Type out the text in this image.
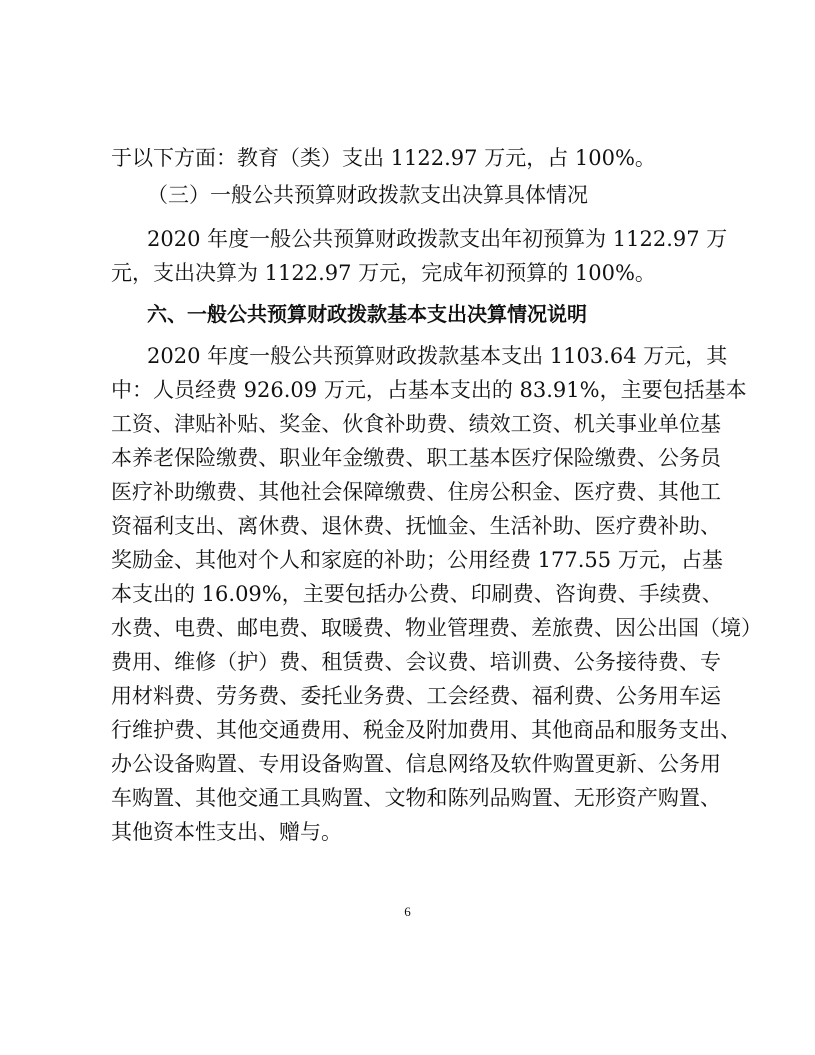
于以下方面：教育（类）支出 1122.97 万元，占 100%。
（三）一般公共预算财政拨款支出决算具体情况
2020 年度一般公共预算财政拨款支出年初预算为 1122.97 万
元，支出决算为 1122.97 万元，完成年初预算的 100%。
六、一般公共预算财政拨款基本支出决算情况说明
2020 年度一般公共预算财政拨款基本支出 1103.64 万元，其
中：人员经费 926.09 万元，占基本支出的 83.91%，主要包括基本
工资、津贴补贴、奖金、伙食补助费、绩效工资、机关事业单位基
本养老保险缴费、职业年金缴费、职工基本医疗保险缴费、公务员
医疗补助缴费、其他社会保障缴费、住房公积金、医疗费、其他工
资福利支出、离休费、退休费、抚恤金、生活补助、医疗费补助、
奖励金、其他对个人和家庭的补助；公用经费 177.55 万元，占基
本支出的 16.09%，主要包括办公费、印刷费、咨询费、手续费、
水费、电费、邮电费、取暖费、物业管理费、差旅费、因公出国（境）
费用、维修（护）费、租赁费、会议费、培训费、公务接待费、专
用材料费、劳务费、委托业务费、工会经费、福利费、公务用车运
行维护费、其他交通费用、税金及附加费用、其他商品和服务支出、
办公设备购置、专用设备购置、信息网络及软件购置更新、公务用
车购置、其他交通工具购置、文物和陈列品购置、无形资产购置、
其他资本性支出、赠与。
6
